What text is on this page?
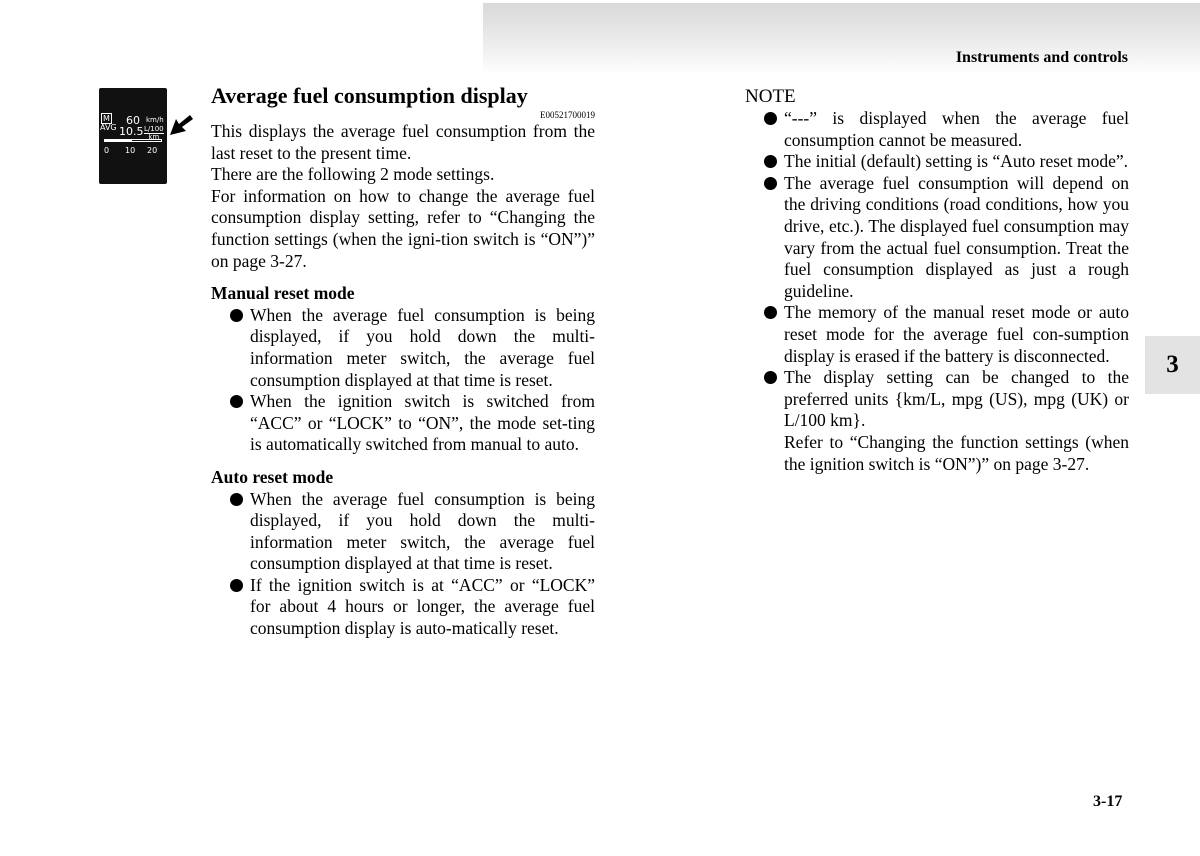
Instruments and controls
3
3-17
M
AVG
60 km/h
10.5 L/100
km
0 10 20
Average fuel consumption display
E00521700019

This displays the average fuel consumption from the last reset to the present time.

There are the following 2 mode settings.

For information on how to change the average fuel consumption display setting, refer to “Changing the function settings (when the igni-tion switch is “ON”)” on page 3-27.

Manual reset mode

When the average fuel consumption is being displayed, if you hold down the multi-information meter switch, the average fuel consumption displayed at that time is reset.
When the ignition switch is switched from “ACC” or “LOCK” to “ON”, the mode set-ting is automatically switched from manual to auto.

Auto reset mode

When the average fuel consumption is being displayed, if you hold down the multi-information meter switch, the average fuel consumption displayed at that time is reset.
If the ignition switch is at “ACC” or “LOCK” for about 4 hours or longer, the average fuel consumption display is auto-matically reset.

NOTE

“---” is displayed when the average fuel consumption cannot be measured.
The initial (default) setting is “Auto reset mode”.
The average fuel consumption will depend on the driving conditions (road conditions, how you drive, etc.). The displayed fuel consumption may vary from the actual fuel consumption. Treat the fuel consumption displayed as just a rough guideline.
The memory of the manual reset mode or auto reset mode for the average fuel con-sumption display is erased if the battery is disconnected.
The display setting can be changed to the preferred units {km/L, mpg (US), mpg (UK) or L/100 km}.
Refer to “Changing the function settings (when the ignition switch is “ON”)” on page 3-27.
